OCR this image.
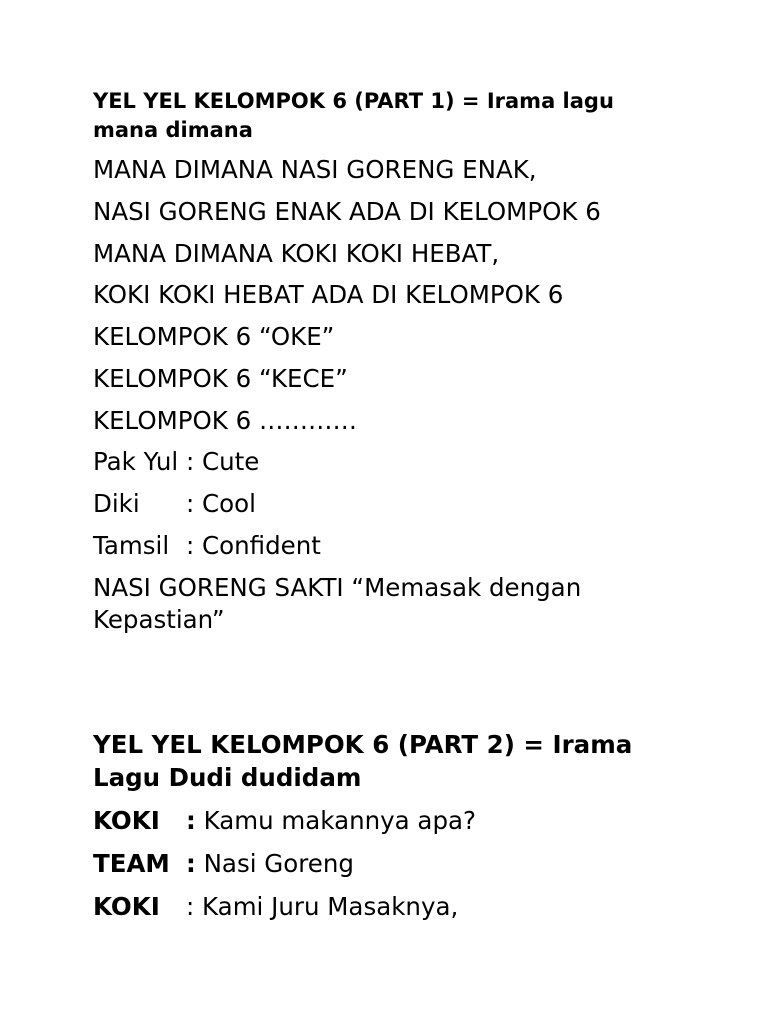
YEL YEL KELOMPOK 6 (PART 1) = Irama lagu mana dimana
MANA DIMANA NASI GORENG ENAK,
NASI GORENG ENAK ADA DI KELOMPOK 6
MANA DIMANA KOKI KOKI HEBAT,
KOKI KOKI HEBAT ADA DI KELOMPOK 6
KELOMPOK 6 “OKE”
KELOMPOK 6 “KECE”
KELOMPOK 6 …………
Pak Yul : Cute
Diki : Cool
Tamsil : Confident
NASI GORENG SAKTI “Memasak dengan Kepastian”
YEL YEL KELOMPOK 6 (PART 2) = Irama Lagu Dudi dudidam
KOKI : Kamu makannya apa?
TEAM : Nasi Goreng
KOKI : Kami Juru Masaknya,
